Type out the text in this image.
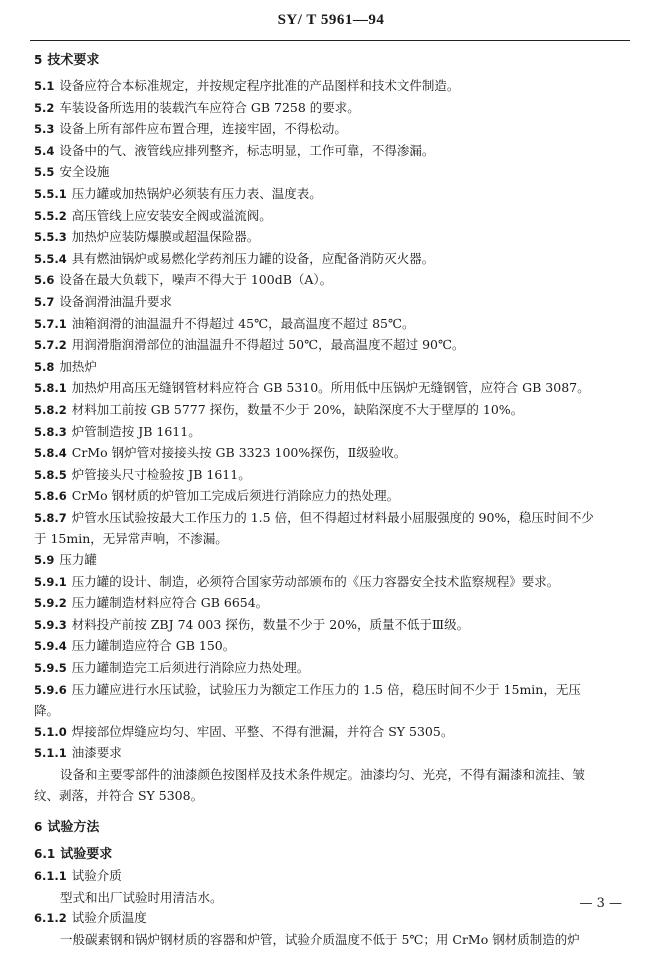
SY/ T 5961—94
5 技术要求
5.1 设备应符合本标准规定，并按规定程序批准的产品图样和技术文件制造。
5.2 车装设备所选用的装载汽车应符合 GB 7258 的要求。
5.3 设备上所有部件应布置合理，连接牢固，不得松动。
5.4 设备中的气、液管线应排列整齐，标志明显，工作可靠，不得渗漏。
5.5 安全设施
5.5.1 压力罐或加热锅炉必须装有压力表、温度表。
5.5.2 高压管线上应安装安全阀或溢流阀。
5.5.3 加热炉应装防爆膜或超温保险器。
5.5.4 具有燃油锅炉或易燃化学药剂压力罐的设备，应配备消防灭火器。
5.6 设备在最大负载下，噪声不得大于 100dB（A）。
5.7 设备润滑油温升要求
5.7.1 油箱润滑的油温温升不得超过 45℃，最高温度不超过 85℃。
5.7.2 用润滑脂润滑部位的油温温升不得超过 50℃，最高温度不超过 90℃。
5.8 加热炉
5.8.1 加热炉用高压无缝钢管材料应符合 GB 5310。所用低中压锅炉无缝钢管，应符合 GB 3087。
5.8.2 材料加工前按 GB 5777 探伤，数量不少于 20%，缺陷深度不大于壁厚的 10%。
5.8.3 炉管制造按 JB 1611。
5.8.4 CrMo 钢炉管对接接头按 GB 3323 100%探伤，Ⅱ级验收。
5.8.5 炉管接头尺寸检验按 JB 1611。
5.8.6 CrMo 钢材质的炉管加工完成后须进行消除应力的热处理。
5.8.7 炉管水压试验按最大工作压力的 1.5 倍，但不得超过材料最小屈服强度的 90%，稳压时间不少
于 15min，无异常声响，不渗漏。
5.9 压力罐
5.9.1 压力罐的设计、制造，必须符合国家劳动部颁布的《压力容器安全技术监察规程》要求。
5.9.2 压力罐制造材料应符合 GB 6654。
5.9.3 材料投产前按 ZBJ 74 003 探伤，数量不少于 20%，质量不低于Ⅲ级。
5.9.4 压力罐制造应符合 GB 150。
5.9.5 压力罐制造完工后须进行消除应力热处理。
5.9.6 压力罐应进行水压试验，试验压力为额定工作压力的 1.5 倍，稳压时间不少于 15min，无压
降。
5.1.0 焊接部位焊缝应均匀、牢固、平整、不得有泄漏，并符合 SY 5305。
5.1.1 油漆要求
设备和主要零部件的油漆颜色按图样及技术条件规定。油漆均匀、光亮，不得有漏漆和流挂、皱
纹、剥落，并符合 SY 5308。
6 试验方法
6.1 试验要求
6.1.1 试验介质
型式和出厂试验时用清洁水。
6.1.2 试验介质温度
一般碳素钢和锅炉钢材质的容器和炉管，试验介质温度不低于 5℃；用 CrMo 钢材质制造的炉
— 3 —
